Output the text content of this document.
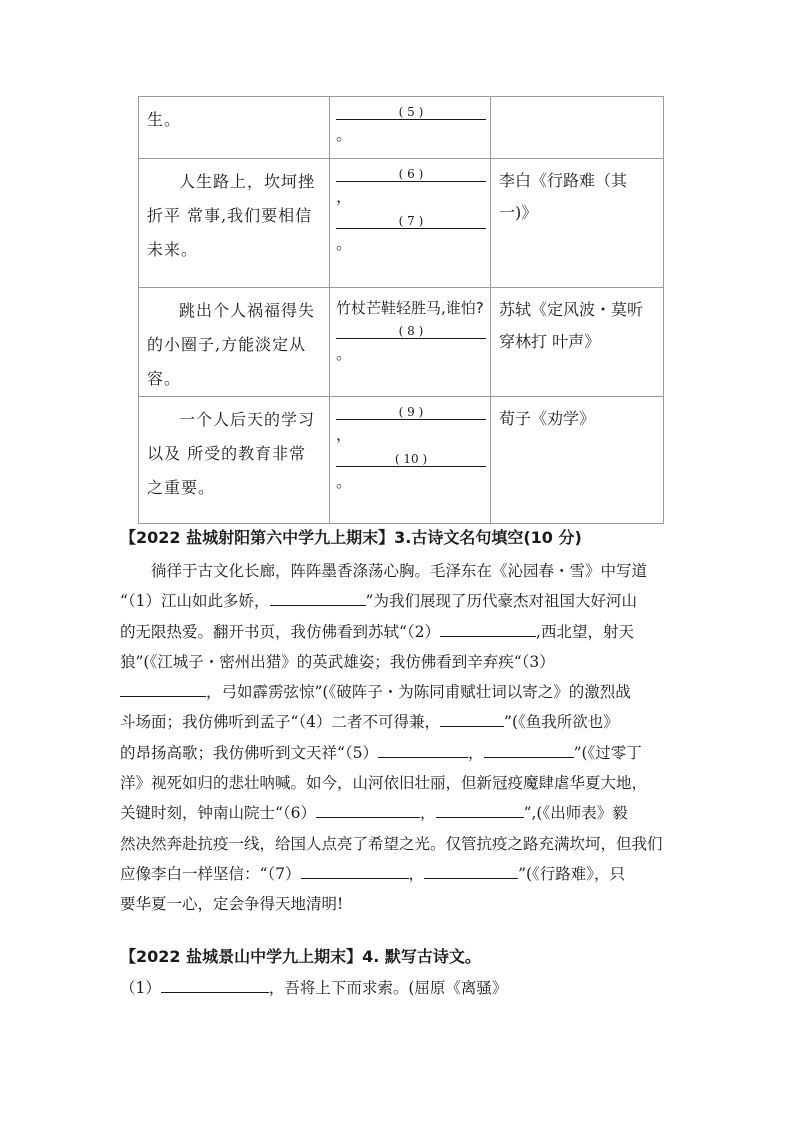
生。	( 5 )
。	

人生路上，坎坷挫折平 常事,我们要相信未来。	( 6 )
，
( 7 )
。	李白《行路难（其一)》

跳出个人祸福得失的小圈子,方能淡定从容。	竹杖芒鞋轻胜马,谁怕?
( 8 )
。	苏轼《定风波・莫听穿林打 叶声》

一个人后天的学习以及 所受的教育非常之重要。	( 9 )
，
( 10 )
。	荀子《劝学》
【2022 盐城射阳第六中学九上期末】3.古诗文名句填空(10 分)
徜徉于古文化长廊，阵阵墨香涤荡心胸。毛泽东在《沁园春・雪》中写道
“（1）江山如此多娇，	”为我们展现了历代豪杰对祖国大好河山
的无限热爱。翻开书页，我仿佛看到苏轼“（2）	,西北望，射天
狼”(《江城子・密州出猎》的英武雄姿；我仿佛看到辛弃疾“（3）
，弓如霹雳弦惊”(《破阵子・为陈同甫赋壮词以寄之》的激烈战
斗场面；我仿佛听到孟子“（4）二者不可得兼，	”(《鱼我所欲也》
的昂扬高歌；我仿佛听到文天祥“（5）	，	”(《过零丁
洋》视死如归的悲壮呐喊。如今，山河依旧壮丽，但新冠疫魔肆虐华夏大地，
关键时刻，钟南山院士“（6）	，	”,(《出师表》毅
然决然奔赴抗疫一线，给国人点亮了希望之光。仅管抗疫之路充满坎坷，但我们
应像李白一样坚信：“（7）	，	”(《行路难》，只
要华夏一心，定会争得天地清明!
【2022 盐城景山中学九上期末】4. 默写古诗文。
（1）	，吾将上下而求索。(屈原《离骚》
